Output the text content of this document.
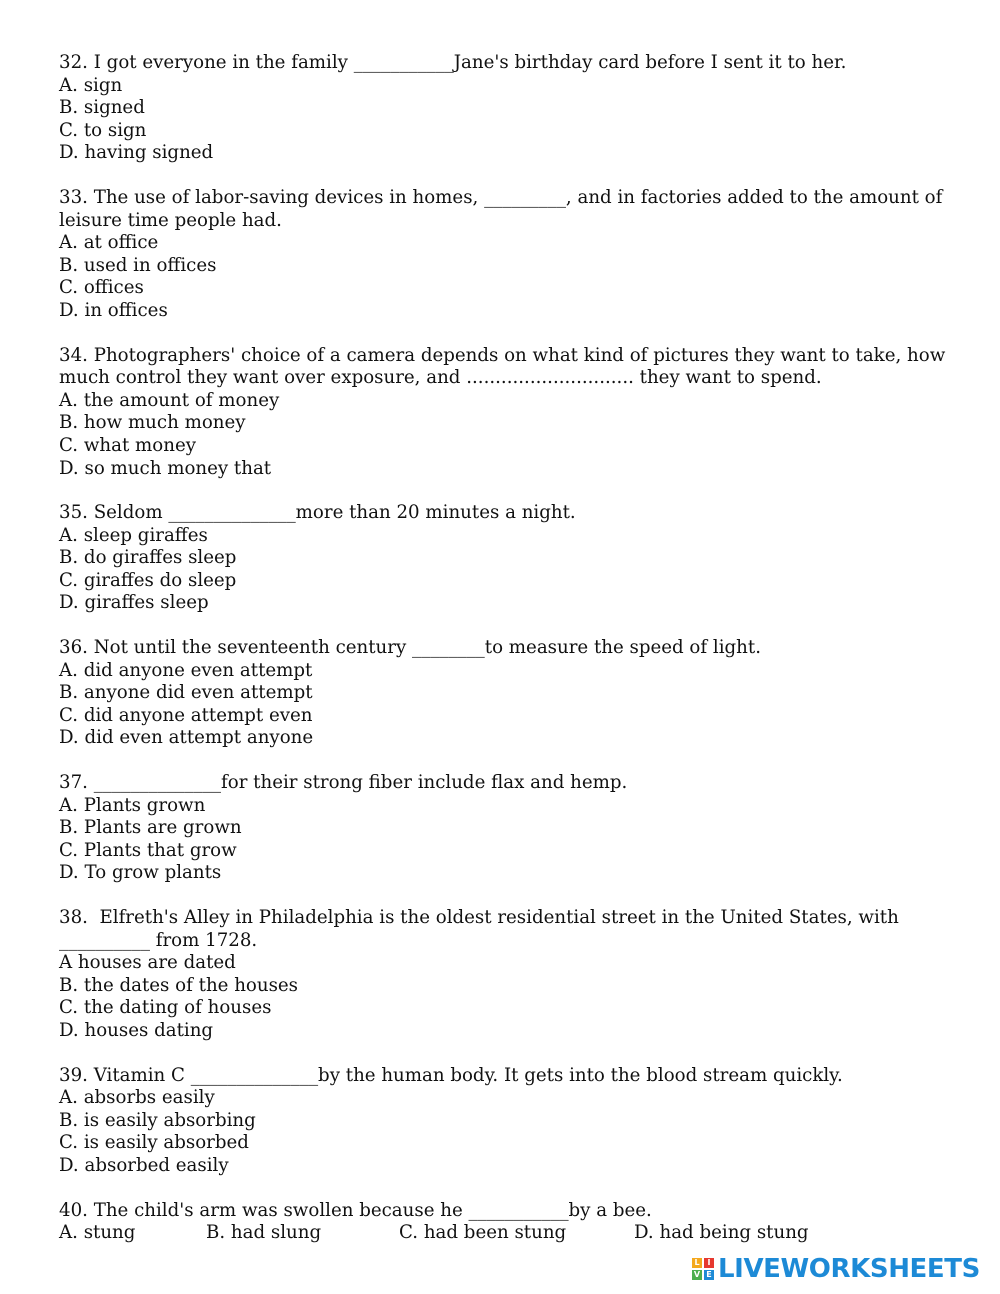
32. I got everyone in the family ___________Jane's birthday card before I sent it to her.
A. sign
B. signed
C. to sign
D. having signed
33. The use of labor-saving devices in homes, _________, and in factories added to the amount of leisure time people had.
A. at office
B. used in offices
C. offices
D. in offices
34. Photographers' choice of a camera depends on what kind of pictures they want to take, how much control they want over exposure, and ............................. they want to spend.
A. the amount of money
B. how much money
C. what money
D. so much money that
35. Seldom ______________more than 20 minutes a night.
A. sleep giraffes
B. do giraffes sleep
C. giraffes do sleep
D. giraffes sleep
36. Not until the seventeenth century ________to measure the speed of light.
A. did anyone even attempt
B. anyone did even attempt
C. did anyone attempt even
D. did even attempt anyone
37. ______________for their strong fiber include flax and hemp.
A. Plants grown
B. Plants are grown
C. Plants that grow
D. To grow plants
38.  Elfreth's Alley in Philadelphia is the oldest residential street in the United States, with __________ from 1728.
A houses are dated
B. the dates of the houses
C. the dating of houses
D. houses dating
39. Vitamin C ______________by the human body. It gets into the blood stream quickly.
A. absorbs easily
B. is easily absorbing
C. is easily absorbed
D. absorbed easily
40. The child's arm was swollen because he ___________by a bee.
A. stung	B. had slung	C. had been stung	D. had being stung
L I
V E LIVEWORKSHEETS
